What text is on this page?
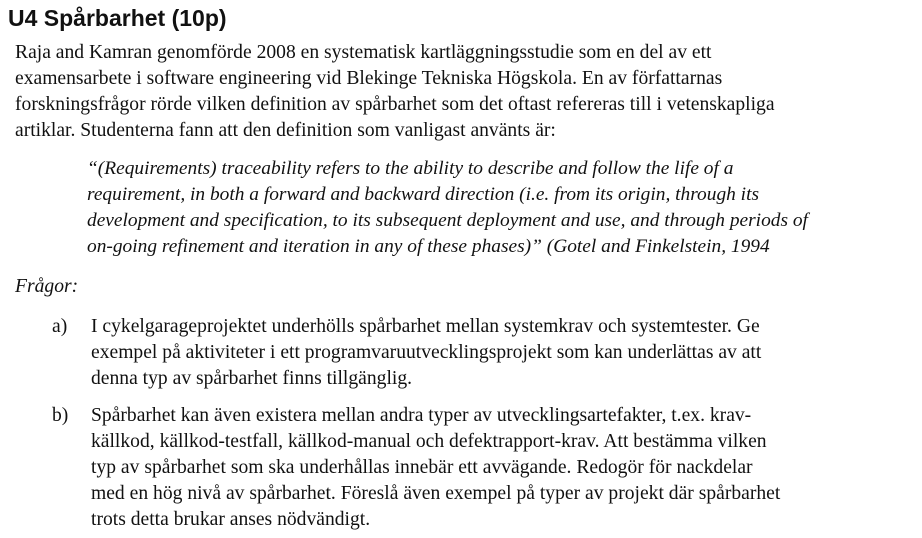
U4 Spårbarhet (10p)
Raja and Kamran genomförde 2008 en systematisk kartläggningsstudie som en del av ett
examensarbete i software engineering vid Blekinge Tekniska Högskola. En av författarnas
forskningsfrågor rörde vilken definition av spårbarhet som det oftast refereras till i vetenskapliga
artiklar. Studenterna fann att den definition som vanligast använts är:
“(Requirements) traceability refers to the ability to describe and follow the life of a
requirement, in both a forward and backward direction (i.e. from its origin, through its
development and specification, to its subsequent deployment and use, and through periods of
on-going refinement and iteration in any of these phases)” (Gotel and Finkelstein, 1994
Frågor:
a) I cykelgarageprojektet underhölls spårbarhet mellan systemkrav och systemtester. Ge
exempel på aktiviteter i ett programvaruutvecklingsprojekt som kan underlättas av att
denna typ av spårbarhet finns tillgänglig.
b) Spårbarhet kan även existera mellan andra typer av utvecklingsartefakter, t.ex. krav-
källkod, källkod-testfall, källkod-manual och defektrapport-krav. Att bestämma vilken
typ av spårbarhet som ska underhållas innebär ett avvägande. Redogör för nackdelar
med en hög nivå av spårbarhet. Föreslå även exempel på typer av projekt där spårbarhet
trots detta brukar anses nödvändigt.
